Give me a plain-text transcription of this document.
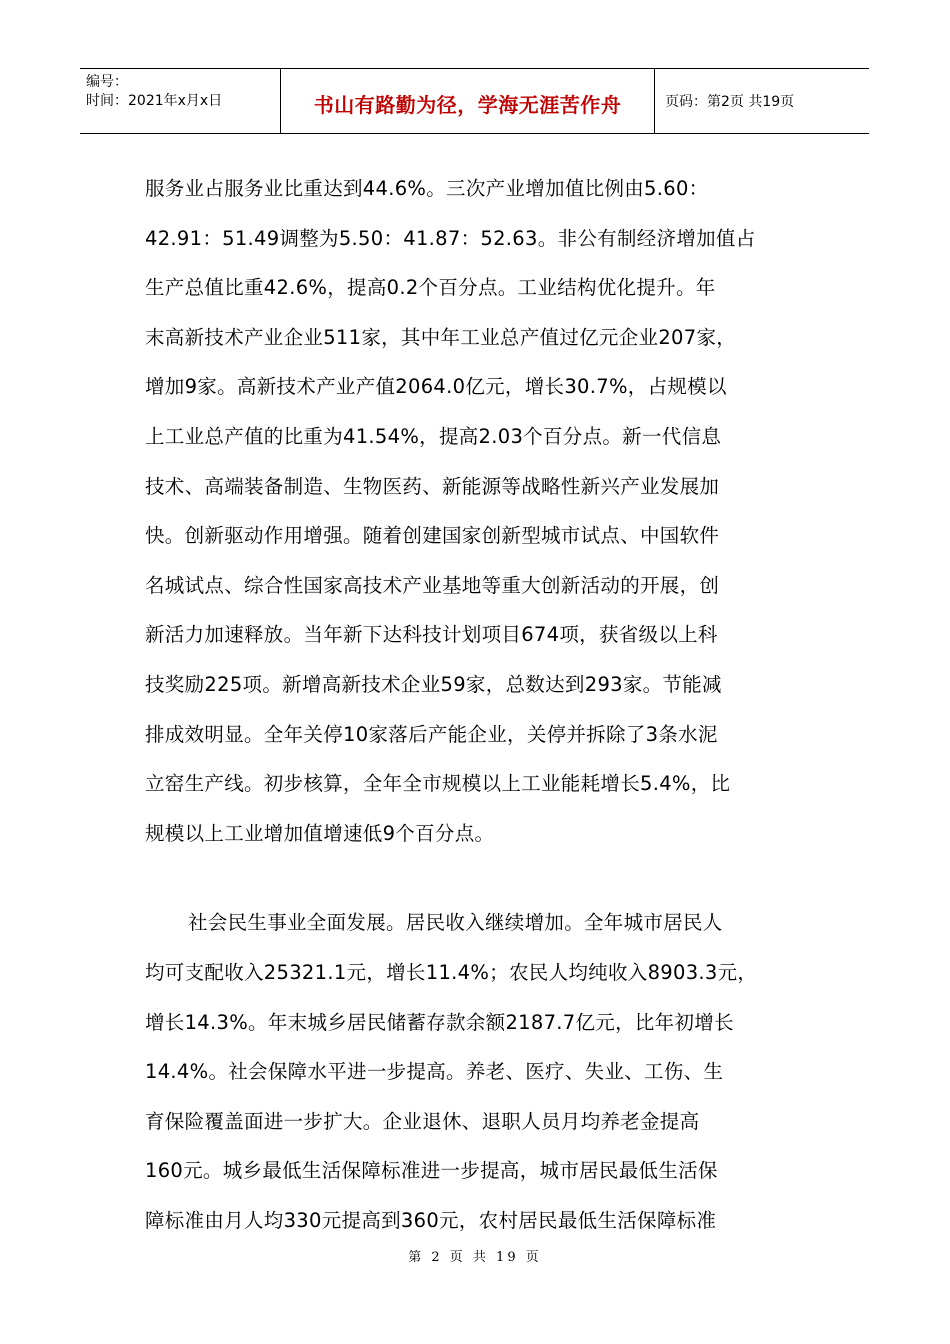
编号：
时间：2021年x月x日	书山有路勤为径，学海无涯苦作舟	页码：第2页 共19页

服务业占服务业比重达到44.6%。三次产业增加值比例由5.60：
42.91：51.49调整为5.50：41.87：52.63。非公有制经济增加值占
生产总值比重42.6%，提高0.2个百分点。工业结构优化提升。年
末高新技术产业企业511家，其中年工业总产值过亿元企业207家，
增加9家。高新技术产业产值2064.0亿元，增长30.7%，占规模以
上工业总产值的比重为41.54%，提高2.03个百分点。新一代信息
技术、高端装备制造、生物医药、新能源等战略性新兴产业发展加
快。创新驱动作用增强。随着创建国家创新型城市试点、中国软件
名城试点、综合性国家高技术产业基地等重大创新活动的开展，创
新活力加速释放。当年新下达科技计划项目674项，获省级以上科
技奖励225项。新增高新技术企业59家，总数达到293家。节能减
排成效明显。全年关停10家落后产能企业，关停并拆除了3条水泥
立窑生产线。初步核算，全年全市规模以上工业能耗增长5.4%，比
规模以上工业增加值增速低9个百分点。

社会民生事业全面发展。居民收入继续增加。全年城市居民人
均可支配收入25321.1元，增长11.4%；农民人均纯收入8903.3元，
增长14.3%。年末城乡居民储蓄存款余额2187.7亿元，比年初增长
14.4%。社会保障水平进一步提高。养老、医疗、失业、工伤、生
育保险覆盖面进一步扩大。企业退休、退职人员月均养老金提高
160元。城乡最低生活保障标准进一步提高，城市居民最低生活保
障标准由月人均330元提高到360元，农村居民最低生活保障标准

第 2 页 共 19 页
